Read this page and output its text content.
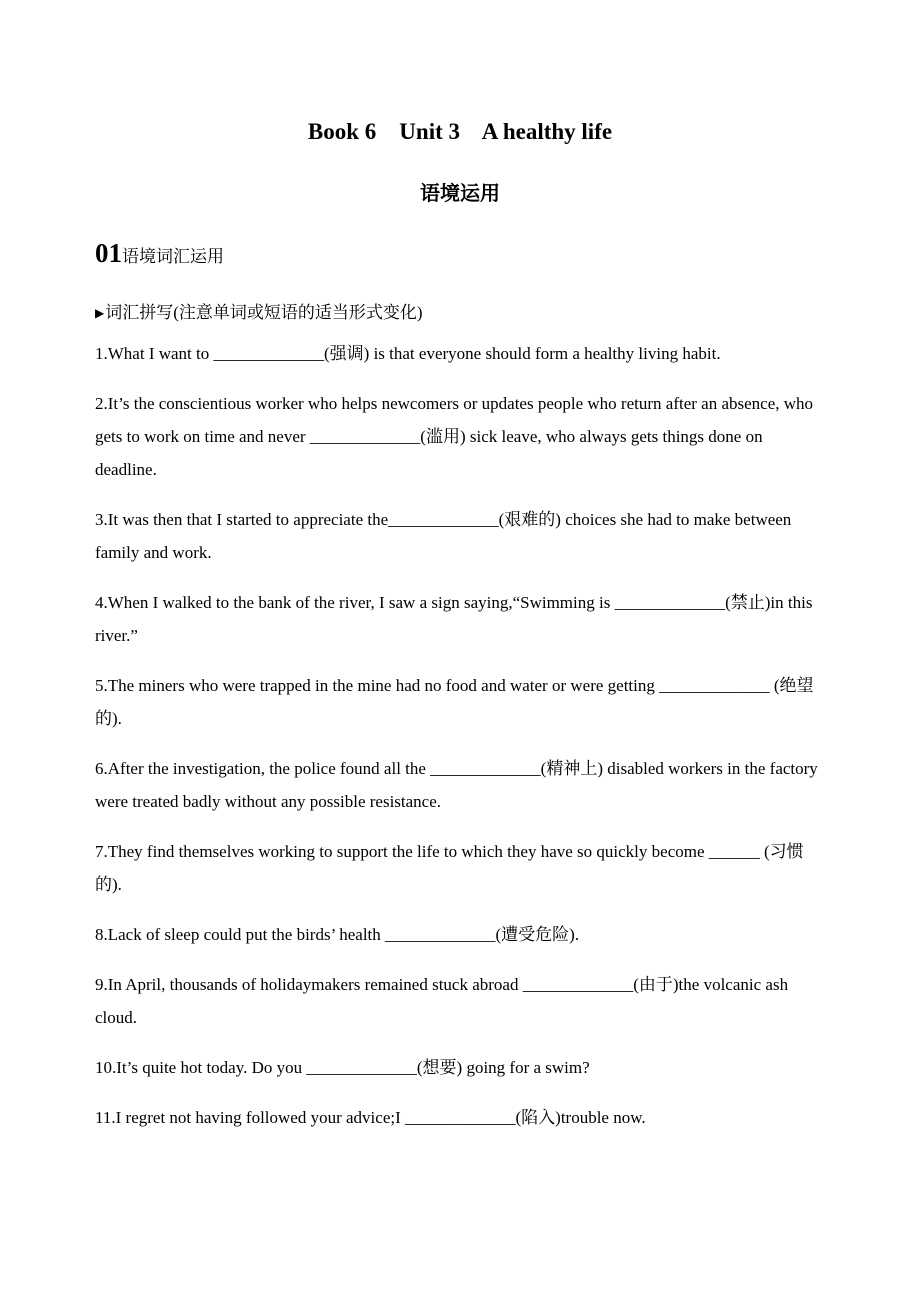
Book 6    Unit 3    A healthy life
语境运用
01语境词汇运用
▶词汇拼写(注意单词或短语的适当形式变化)

1.What I want to _____________(强调) is that everyone should form a healthy living habit.

2.It’s the conscientious worker who helps newcomers or updates people who return after an absence, who gets to work on time and never _____________(滥用) sick leave, who always gets things done on deadline.

3.It was then that I started to appreciate the_____________(艰难的) choices she had to make between family and work.

4.When I walked to the bank of the river, I saw a sign saying,“Swimming is _____________(禁止)in this river.”

5.The miners who were trapped in the mine had no food and water or were getting _____________ (绝望的).

6.After the investigation, the police found all the _____________(精神上) disabled workers in the factory were treated badly without any possible resistance.

7.They find themselves working to support the life to which they have so quickly become ______ (习惯的).

8.Lack of sleep could put the birds’ health _____________(遭受危险).

9.In April, thousands of holidaymakers remained stuck abroad _____________(由于)the volcanic ash cloud.

10.It’s quite hot today. Do you _____________(想要) going for a swim?

11.I regret not having followed your advice;I _____________(陷入)trouble now.
